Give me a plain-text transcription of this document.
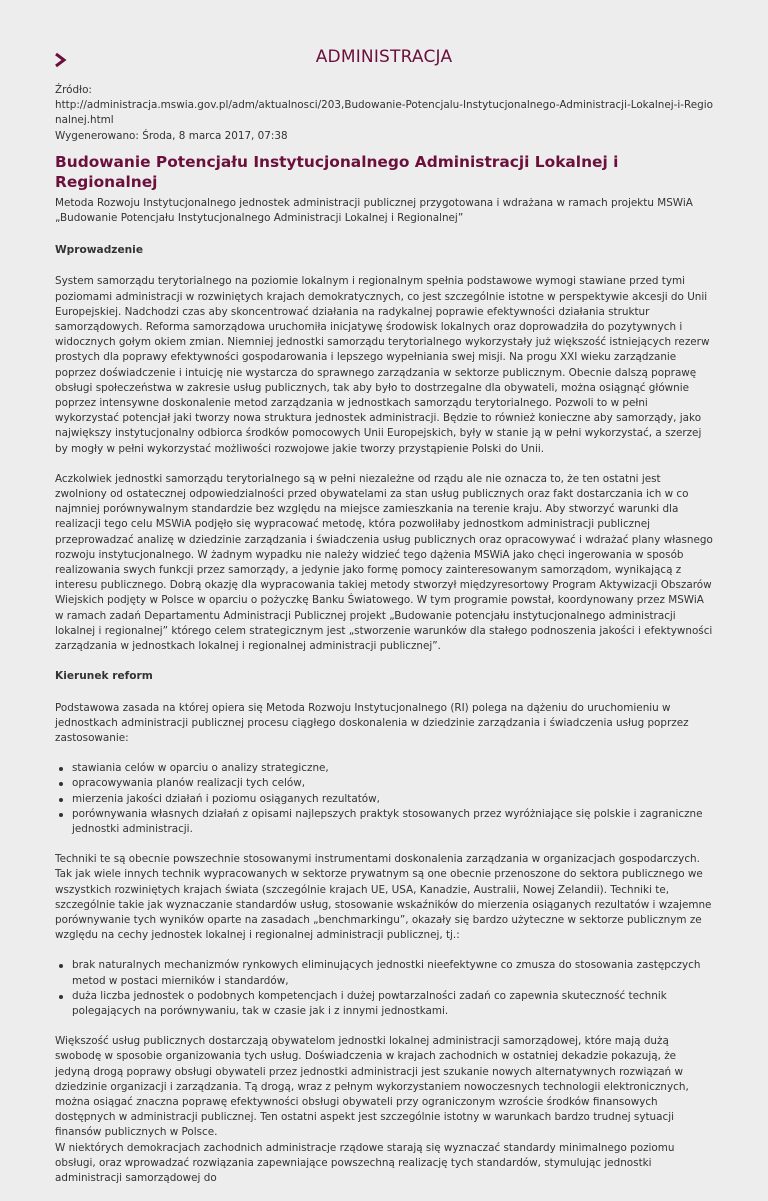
ADMINISTRACJA

Źródło:

http://administracja.mswia.gov.pl/adm/aktualnosci/203,Budowanie-Potencjalu-Instytucjonalnego-Administracji-Lokalnej-i-Regionalnej.html

Wygenerowano: Środa, 8 marca 2017, 07:38

Budowanie Potencjału Instytucjonalnego Administracji Lokalnej i Regionalnej

Metoda Rozwoju Instytucjonalnego jednostek administracji publicznej przygotowana i wdrażana w ramach projektu MSWiA „Budowanie Potencjału Instytucjonalnego Administracji Lokalnej i Regionalnej”

Wprowadzenie

System samorządu terytorialnego na poziomie lokalnym i regionalnym spełnia podstawowe wymogi stawiane przed tymi poziomami administracji w rozwiniętych krajach demokratycznych, co jest szczególnie istotne w perspektywie akcesji do Unii Europejskiej. Nadchodzi czas aby skoncentrować działania na radykalnej poprawie efektywności działania struktur samorządowych. Reforma samorządowa uruchomiła inicjatywę środowisk lokalnych oraz doprowadziła do pozytywnych i widocznych gołym okiem zmian. Niemniej jednostki samorządu terytorialnego wykorzystały już większość istniejących rezerw prostych dla poprawy efektywności gospodarowania i lepszego wypełniania swej misji. Na progu XXI wieku zarządzanie poprzez doświadczenie i intuicję nie wystarcza do sprawnego zarządzania w sektorze publicznym. Obecnie dalszą poprawę obsługi społeczeństwa w zakresie usług publicznych, tak aby było to dostrzegalne dla obywateli, można osiągnąć głównie poprzez intensywne doskonalenie metod zarządzania w jednostkach samorządu terytorialnego. Pozwoli to w pełni wykorzystać potencjał jaki tworzy nowa struktura jednostek administracji. Będzie to również konieczne aby samorządy, jako największy instytucjonalny odbiorca środków pomocowych Unii Europejskich, były w stanie ją w pełni wykorzystać, a szerzej by mogły w pełni wykorzystać możliwości rozwojowe jakie tworzy przystąpienie Polski do Unii.

Aczkolwiek jednostki samorządu terytorialnego są w pełni niezależne od rządu ale nie oznacza to, że ten ostatni jest zwolniony od ostatecznej odpowiedzialności przed obywatelami za stan usług publicznych oraz fakt dostarczania ich w co najmniej porównywalnym standardzie bez względu na miejsce zamieszkania na terenie kraju. Aby stworzyć warunki dla realizacji tego celu MSWiA podjęło się wypracować metodę, która pozwoliłaby jednostkom administracji publicznej przeprowadzać analizę w dziedzinie zarządzania i świadczenia usług publicznych oraz opracowywać i wdrażać plany własnego rozwoju instytucjonalnego. W żadnym wypadku nie należy widzieć tego dążenia MSWiA jako chęci ingerowania w sposób realizowania swych funkcji przez samorządy, a jedynie jako formę pomocy zainteresowanym samorządom, wynikającą z interesu publicznego. Dobrą okazję dla wypracowania takiej metody stworzył międzyresortowy Program Aktywizacji Obszarów Wiejskich podjęty w Polsce w oparciu o pożyczkę Banku Światowego. W tym programie powstał, koordynowany przez MSWiA w ramach zadań Departamentu Administracji Publicznej projekt „Budowanie potencjału instytucjonalnego administracji lokalnej i regionalnej” którego celem strategicznym jest „stworzenie warunków dla stałego podnoszenia jakości i efektywności zarządzania w jednostkach lokalnej i regionalnej administracji publicznej”.

Kierunek reform

Podstawowa zasada na której opiera się Metoda Rozwoju Instytucjonalnego (RI) polega na dążeniu do uruchomieniu w jednostkach administracji publicznej procesu ciągłego doskonalenia w dziedzinie zarządzania i świadczenia usług poprzez zastosowanie:

stawiania celów w oparciu o analizy strategiczne,
opracowywania planów realizacji tych celów,
mierzenia jakości działań i poziomu osiąganych rezultatów,
porównywania własnych działań z opisami najlepszych praktyk stosowanych przez wyróżniające się polskie i zagraniczne jednostki administracji.

Techniki te są obecnie powszechnie stosowanymi instrumentami doskonalenia zarządzania w organizacjach gospodarczych. Tak jak wiele innych technik wypracowanych w sektorze prywatnym są one obecnie przenoszone do sektora publicznego we wszystkich rozwiniętych krajach świata (szczególnie krajach UE, USA, Kanadzie, Australii, Nowej Zelandii). Techniki te, szczególnie takie jak wyznaczanie standardów usług, stosowanie wskaźników do mierzenia osiąganych rezultatów i wzajemne porównywanie tych wyników oparte na zasadach „benchmarkingu”, okazały się bardzo użyteczne w sektorze publicznym ze względu na cechy jednostek lokalnej i regionalnej administracji publicznej, tj.:

brak naturalnych mechanizmów rynkowych eliminujących jednostki nieefektywne co zmusza do stosowania zastępczych metod w postaci mierników i standardów,
duża liczba jednostek o podobnych kompetencjach i dużej powtarzalności zadań co zapewnia skuteczność technik polegających na porównywaniu, tak w czasie jak i z innymi jednostkami.

Większość usług publicznych dostarczają obywatelom jednostki lokalnej administracji samorządowej, które mają dużą swobodę w sposobie organizowania tych usług. Doświadczenia w krajach zachodnich w ostatniej dekadzie pokazują, że jedyną drogą poprawy obsługi obywateli przez jednostki administracji jest szukanie nowych alternatywnych rozwiązań w dziedzinie organizacji i zarządzania. Tą drogą, wraz z pełnym wykorzystaniem nowoczesnych technologii elektronicznych, można osiągać znaczna poprawę efektywności obsługi obywateli przy ograniczonym wzroście środków finansowych dostępnych w administracji publicznej. Ten ostatni aspekt jest szczególnie istotny w warunkach bardzo trudnej sytuacji finansów publicznych w Polsce.

W niektórych demokracjach zachodnich administracje rządowe starają się wyznaczać standardy minimalnego poziomu obsługi, oraz wprowadzać rozwiązania zapewniające powszechną realizację tych standardów, stymulując jednostki administracji samorządowej do
